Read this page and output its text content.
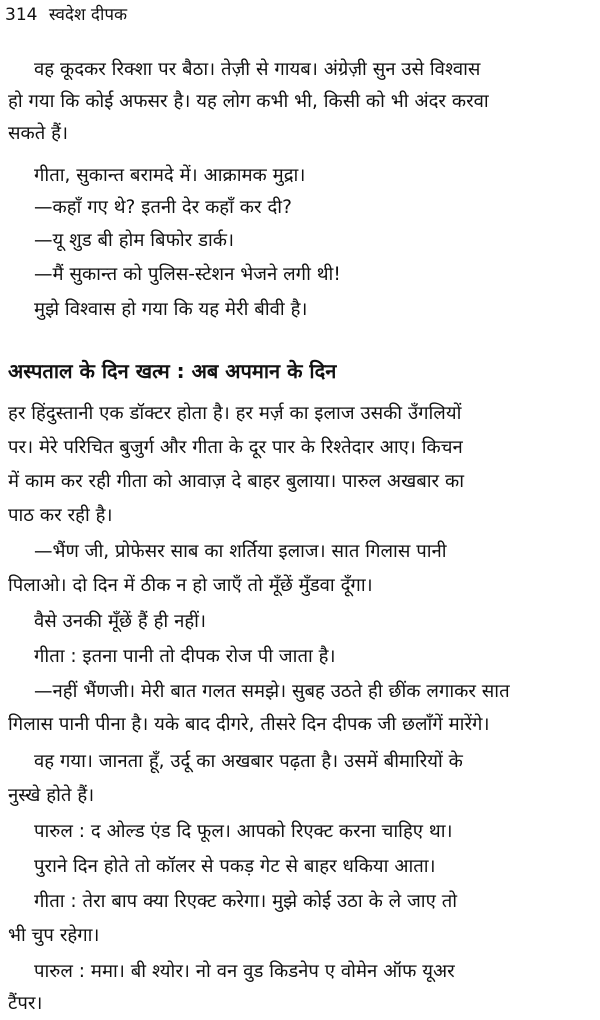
314 स्वदेश दीपक
वह कूदकर रिक्शा पर बैठा। तेज़ी से गायब। अंग्रेज़ी सुन उसे विश्वास
हो गया कि कोई अफसर है। यह लोग कभी भी, किसी को भी अंदर करवा
सकते हैं।
गीता, सुकान्त बरामदे में। आक्रामक मुद्रा।
—कहाँ गए थे? इतनी देर कहाँ कर दी?
—यू शुड बी होम बिफोर डार्क।
—मैं सुकान्त को पुलिस-स्टेशन भेजने लगी थी!
मुझे विश्वास हो गया कि यह मेरी बीवी है।
अस्पताल के दिन खत्म : अब अपमान के दिन
हर हिंदुस्तानी एक डॉक्टर होता है। हर मर्ज़ का इलाज उसकी उँगलियों
पर। मेरे परिचित बुजुर्ग और गीता के दूर पार के रिश्तेदार आए। किचन
में काम कर रही गीता को आवाज़ दे बाहर बुलाया। पारुल अखबार का
पाठ कर रही है।
—भैंण जी, प्रोफेसर साब का शर्तिया इलाज। सात गिलास पानी
पिलाओ। दो दिन में ठीक न हो जाएँ तो मूँछें मुँडवा दूँगा।
वैसे उनकी मूँछें हैं ही नहीं।
गीता : इतना पानी तो दीपक रोज पी जाता है।
—नहीं भैंणजी। मेरी बात गलत समझे। सुबह उठते ही छींक लगाकर सात
गिलास पानी पीना है। यके बाद दीगरे, तीसरे दिन दीपक जी छलाँगें मारेंगे।
वह गया। जानता हूँ, उर्दू का अखबार पढ़ता है। उसमें बीमारियों के
नुस्खे होते हैं।
पारुल : द ओल्ड एंड दि फूल। आपको रिएक्ट करना चाहिए था।
पुराने दिन होते तो कॉलर से पकड़ गेट से बाहर धकिया आता।
गीता : तेरा बाप क्या रिएक्ट करेगा। मुझे कोई उठा के ले जाए तो
भी चुप रहेगा।
पारुल : ममा। बी श्योर। नो वन वुड किडनेप ए वोमेन ऑफ यूअर
टैंपर।
